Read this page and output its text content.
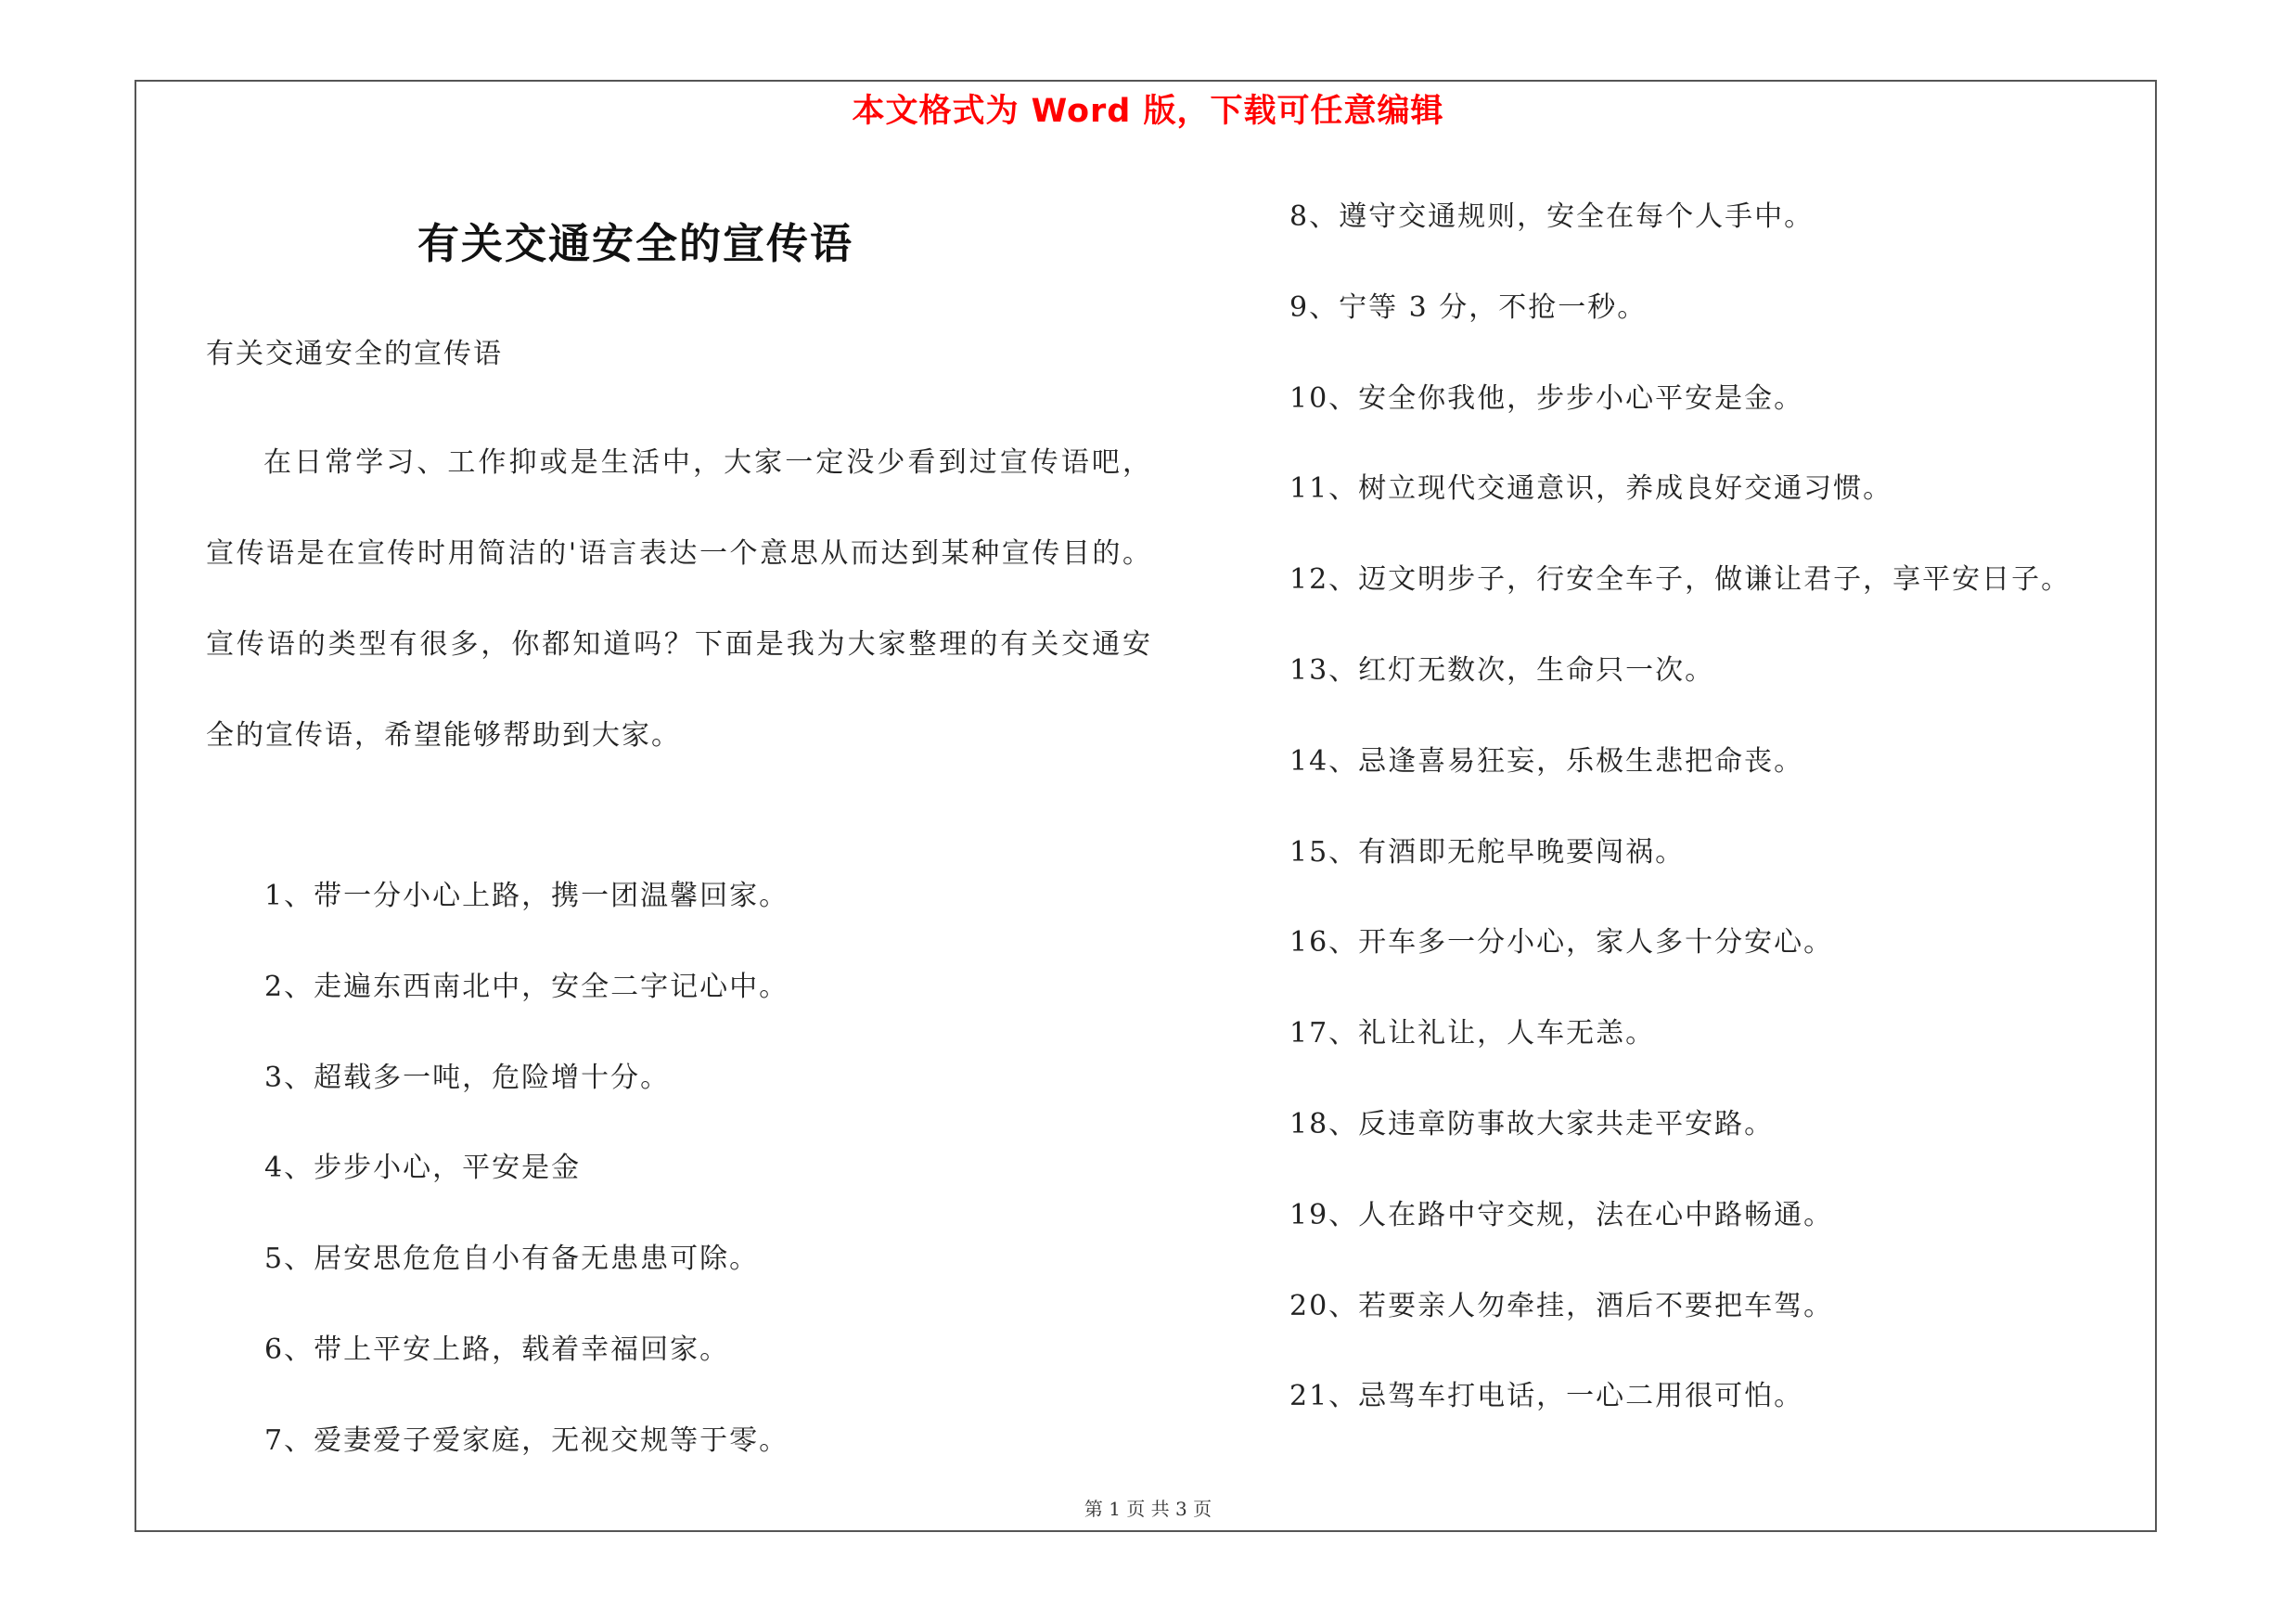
本文格式为 Word 版，下载可任意编辑
有关交通安全的宣传语
有关交通安全的宣传语

在日常学习、工作抑或是生活中，大家一定没少看到过宣传语吧，宣传语是在宣传时用简洁的'语言表达一个意思从而达到某种宣传目的。宣传语的类型有很多，你都知道吗？下面是我为大家整理的有关交通安全的宣传语，希望能够帮助到大家。

1、带一分小心上路，携一团温馨回家。
2、走遍东西南北中，安全二字记心中。
3、超载多一吨，危险增十分。
4、步步小心，平安是金
5、居安思危危自小有备无患患可除。
6、带上平安上路，载着幸福回家。
7、爱妻爱子爱家庭，无视交规等于零。
8、遵守交通规则，安全在每个人手中。
9、宁等 3 分，不抢一秒。
10、安全你我他，步步小心平安是金。
11、树立现代交通意识，养成良好交通习惯。
12、迈文明步子，行安全车子，做谦让君子，享平安日子。
13、红灯无数次，生命只一次。
14、忌逢喜易狂妄，乐极生悲把命丧。
15、有酒即无舵早晚要闯祸。
16、开车多一分小心，家人多十分安心。
17、礼让礼让，人车无恙。
18、反违章防事故大家共走平安路。
19、人在路中守交规，法在心中路畅通。
20、若要亲人勿牵挂，酒后不要把车驾。
21、忌驾车打电话，一心二用很可怕。
第 1 页 共 3 页
